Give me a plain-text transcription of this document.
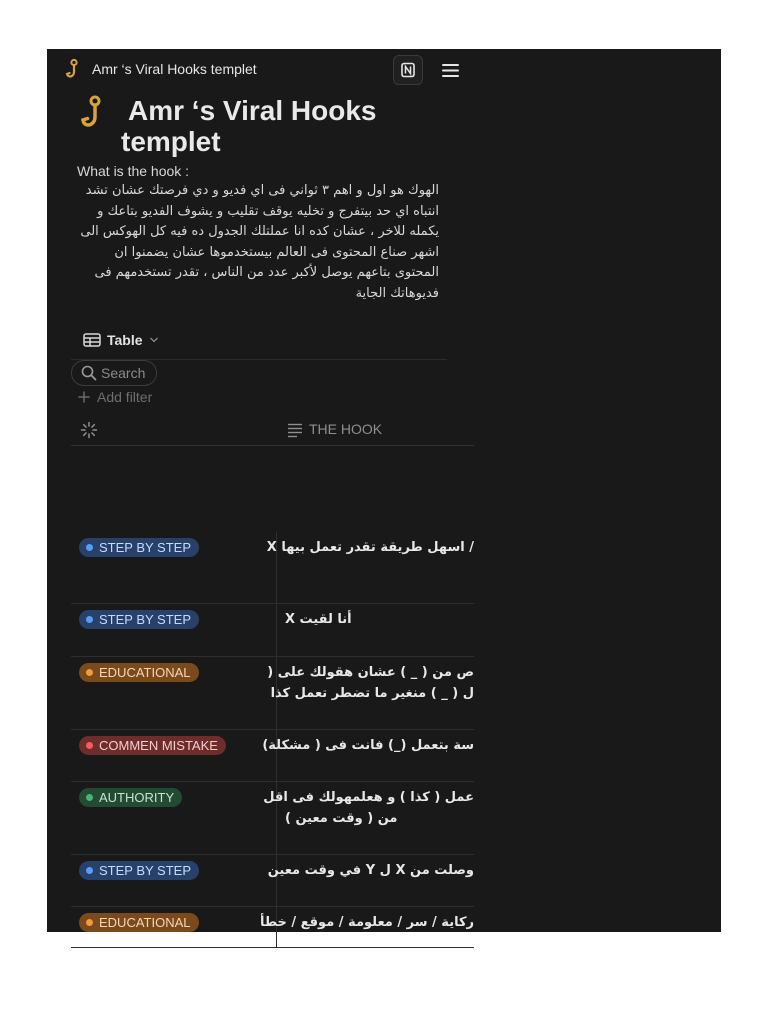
Amr ‘s Viral Hooks templet
Amr ‘s Viral Hooks templet
What is the hook :
الهوك هو اول و اهم ٣ ثواني فى اي فديو و دي فرصتك عشان تشد انتباه اي حد بيتفرج و تخليه يوقف تقليب و يشوف الفديو بتاعك و يكمله للاخر ، عشان كده انا عملتلك الجدول ده فيه كل الهوكس الى اشهر صناع المحتوى فى العالم بيستخدموها عشان يضمنوا ان المحتوى بتاعهم يوصل لأكبر عدد من الناس ، تقدر تستخدمهم فى فديوهاتك الجاية
Table
Search
Add filter
THE HOOK
STEP BY STEP	/ اسهل طريقة تقدر تعمل بيها X
STEP BY STEP	أنا لقيت X
EDUCATIONAL	ص من ( _ ) عشان هقولك على (
ل ( _ ) منغير ما تضطر تعمل كذا
COMMEN MISTAKE	سة بتعمل (_) فانت فى ( مشكلة)
AUTHORITY	عمل ( كذا ) و هعلمهولك فى اقل
من ( وقت معين )
STEP BY STEP	وصلت من X ل Y في وقت معين
EDUCATIONAL	ركاية / سر / معلومة / موقع / خطأ
